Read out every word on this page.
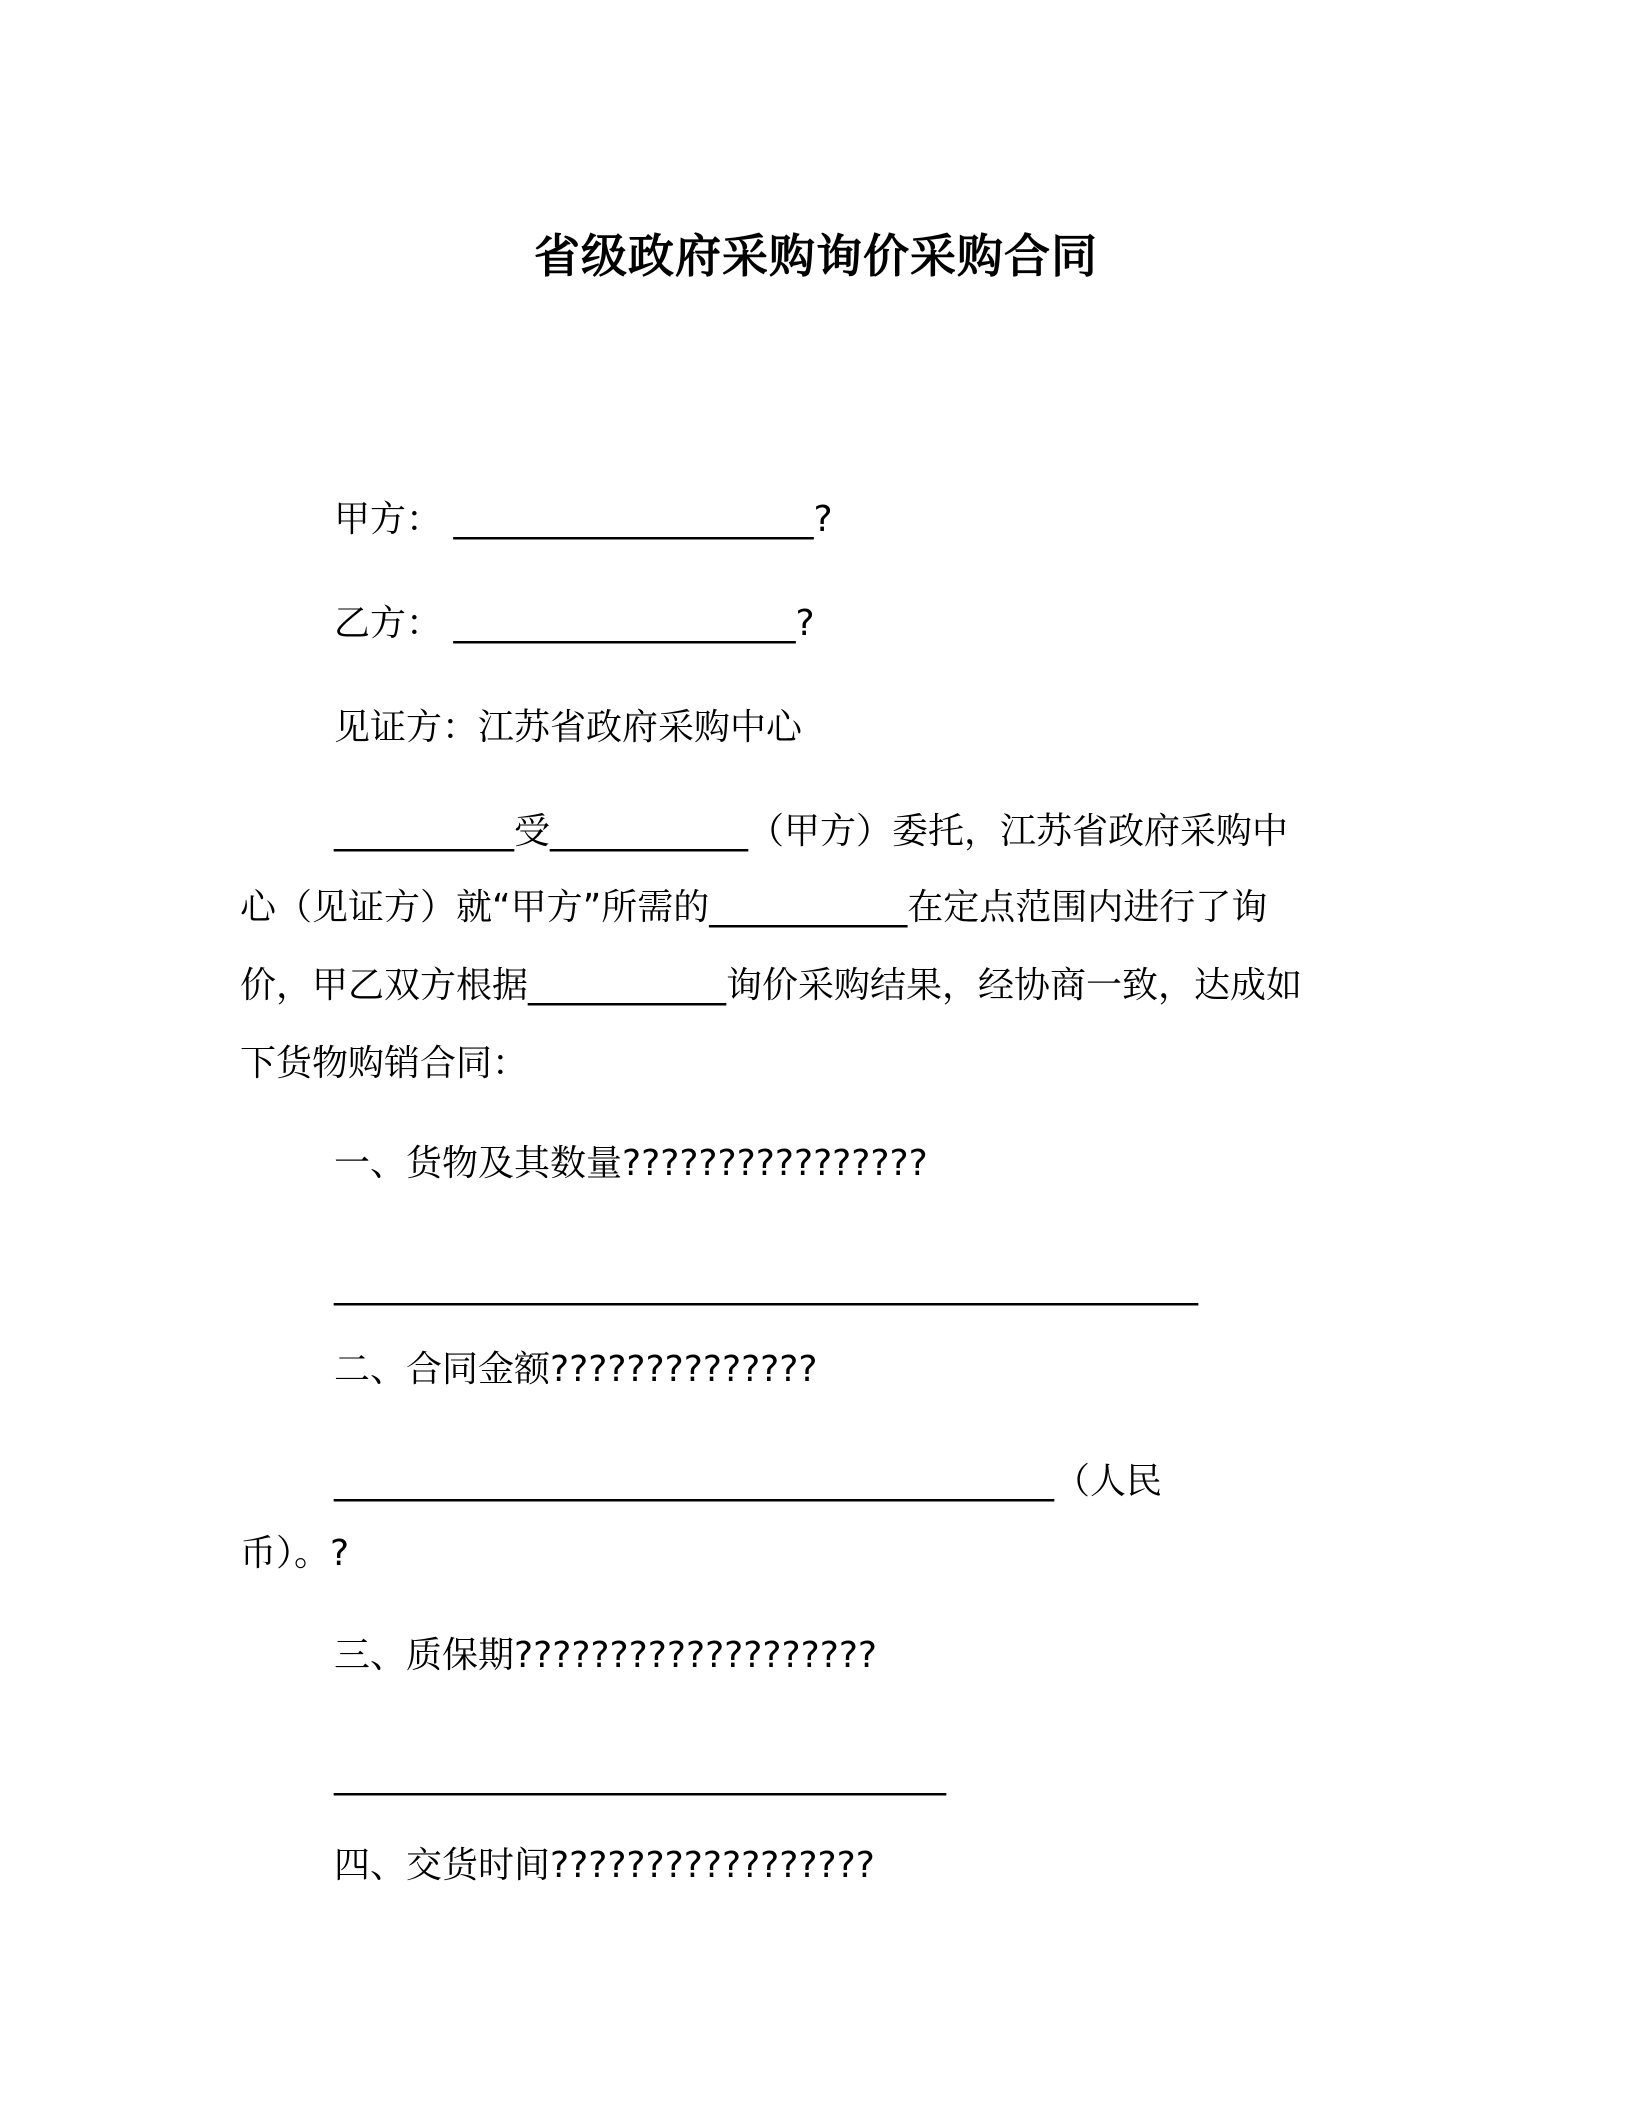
省级政府采购询价采购合同
甲方： ____________________?
乙方： ___________________?
见证方：江苏省政府采购中心
__________受___________（甲方）委托，江苏省政府采购中
心（见证方）就“甲方”所需的___________在定点范围内进行了询
价，甲乙双方根据___________询价采购结果，经协商一致，达成如
下货物购销合同：
一、货物及其数量????????????????
________________________________________________
二、合同金额??????????????
________________________________________（人民
币）。?
三、质保期???????????????????
__________________________________
四、交货时间?????????????????
